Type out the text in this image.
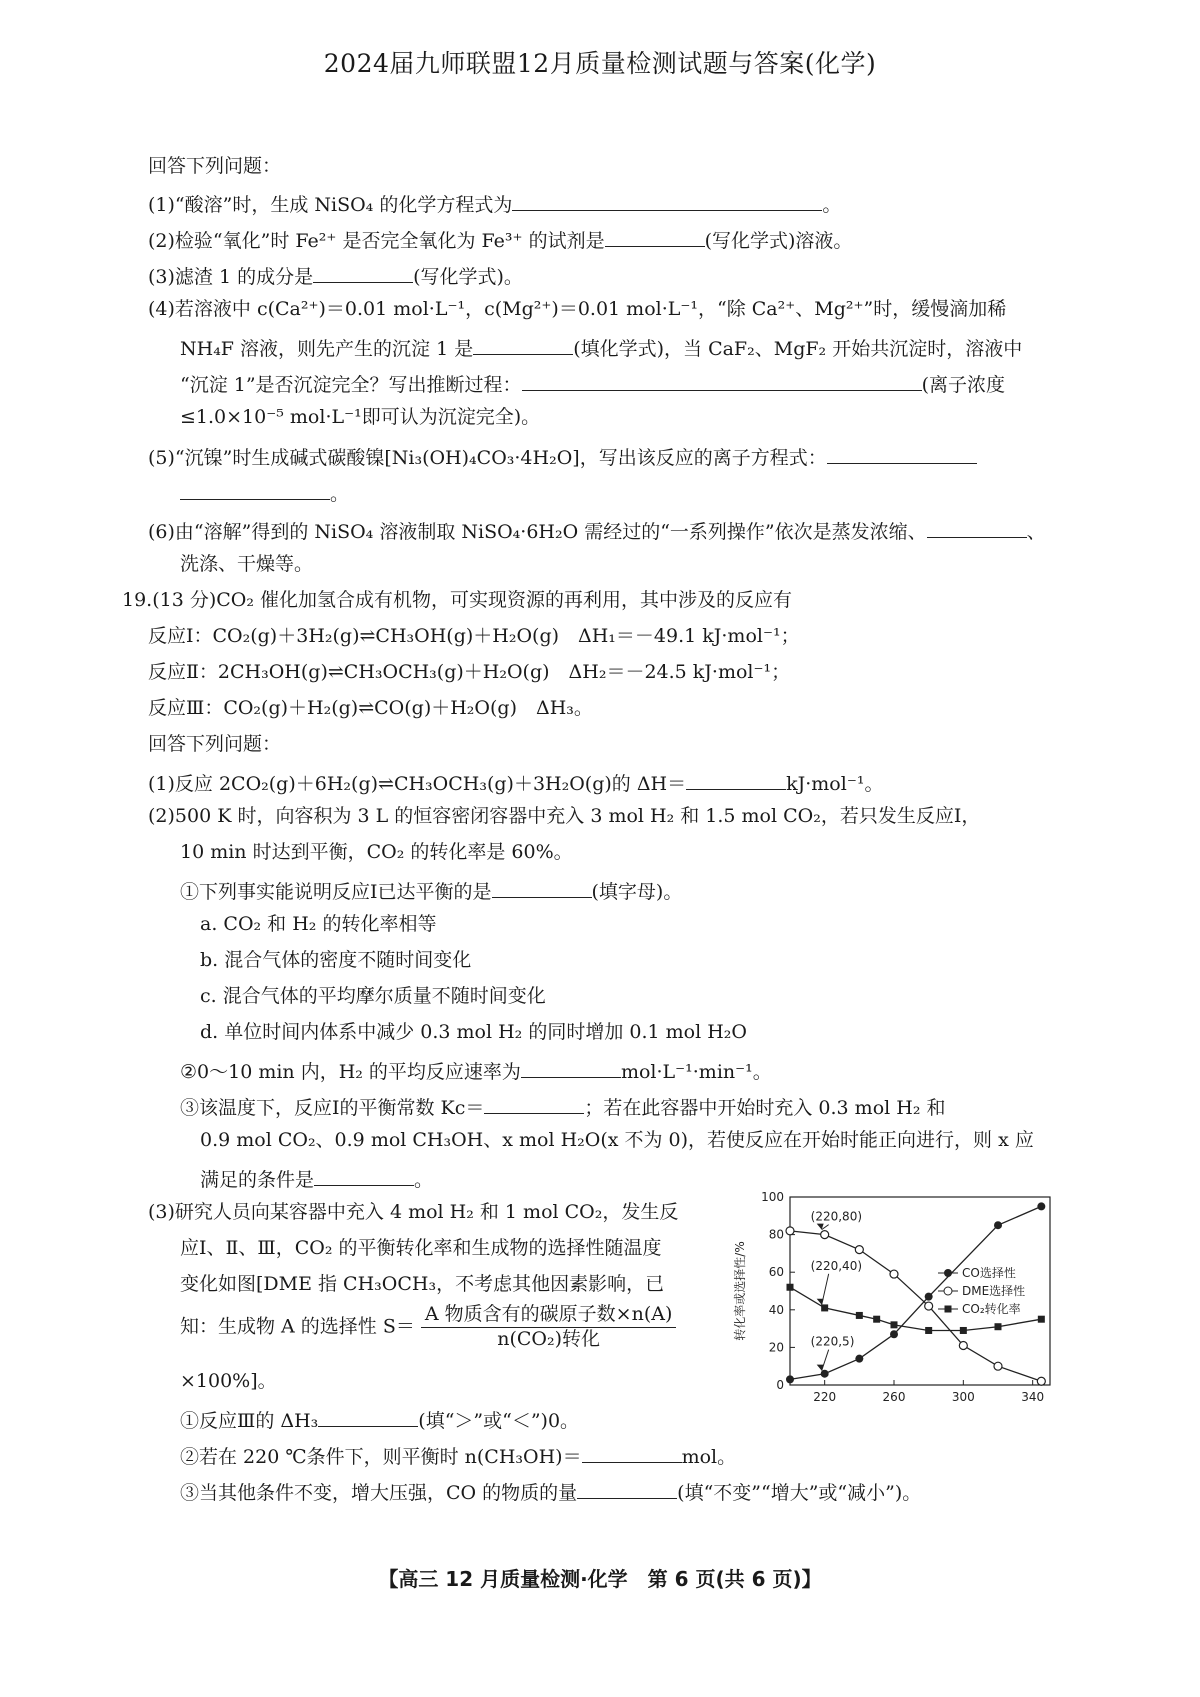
2024届九师联盟12月质量检测试题与答案(化学)
回答下列问题：
(1)“酸溶”时，生成 NiSO₄ 的化学方程式为	。
(2)检验“氧化”时 Fe²⁺ 是否完全氧化为 Fe³⁺ 的试剂是	(写化学式)溶液。
(3)滤渣 1 的成分是	(写化学式)。
(4)若溶液中 c(Ca²⁺)＝0.01 mol·L⁻¹，c(Mg²⁺)＝0.01 mol·L⁻¹，“除 Ca²⁺、Mg²⁺”时，缓慢滴加稀
NH₄F 溶液，则先产生的沉淀 1 是	(填化学式)，当 CaF₂、MgF₂ 开始共沉淀时，溶液中
“沉淀 1”是否沉淀完全？写出推断过程：	(离子浓度
≤1.0×10⁻⁵ mol·L⁻¹即可认为沉淀完全)。
(5)“沉镍”时生成碱式碳酸镍[Ni₃(OH)₄CO₃·4H₂O]，写出该反应的离子方程式：
。
(6)由“溶解”得到的 NiSO₄ 溶液制取 NiSO₄·6H₂O 需经过的“一系列操作”依次是蒸发浓缩、	、
洗涤、干燥等。
19.(13 分)CO₂ 催化加氢合成有机物，可实现资源的再利用，其中涉及的反应有
反应Ⅰ：CO₂(g)＋3H₂(g)⇌CH₃OH(g)＋H₂O(g)　ΔH₁＝－49.1 kJ·mol⁻¹；
反应Ⅱ：2CH₃OH(g)⇌CH₃OCH₃(g)＋H₂O(g)　ΔH₂＝－24.5 kJ·mol⁻¹；
反应Ⅲ：CO₂(g)＋H₂(g)⇌CO(g)＋H₂O(g)　ΔH₃。
回答下列问题：
(1)反应 2CO₂(g)＋6H₂(g)⇌CH₃OCH₃(g)＋3H₂O(g)的 ΔH＝	kJ·mol⁻¹。
(2)500 K 时，向容积为 3 L 的恒容密闭容器中充入 3 mol H₂ 和 1.5 mol CO₂，若只发生反应Ⅰ，
10 min 时达到平衡，CO₂ 的转化率是 60%。
①下列事实能说明反应Ⅰ已达平衡的是	(填字母)。
a. CO₂ 和 H₂ 的转化率相等
b. 混合气体的密度不随时间变化
c. 混合气体的平均摩尔质量不随时间变化
d. 单位时间内体系中减少 0.3 mol H₂ 的同时增加 0.1 mol H₂O
②0～10 min 内，H₂ 的平均反应速率为	mol·L⁻¹·min⁻¹。
③该温度下，反应Ⅰ的平衡常数 Kc＝	；若在此容器中开始时充入 0.3 mol H₂ 和
0.9 mol CO₂、0.9 mol CH₃OH、x mol H₂O(x 不为 0)，若使反应在开始时能正向进行，则 x 应
满足的条件是	。
(3)研究人员向某容器中充入 4 mol H₂ 和 1 mol CO₂，发生反
应Ⅰ、Ⅱ、Ⅲ，CO₂ 的平衡转化率和生成物的选择性随温度
变化如图[DME 指 CH₃OCH₃，不考虑其他因素影响，已
×100%]。
①反应Ⅲ的 ΔH₃	(填“＞”或“＜”)0。
②若在 220 ℃条件下，则平衡时 n(CH₃OH)＝	mol。
③当其他条件不变，增大压强，CO 的物质的量	(填“不变”“增大”或“减小”)。
知：生成物 A 的选择性 $S= \frac{\text{A 物质含有的碳原子数×n(A)}}{\text{n(CO₂)转化}}$
0
20
40
60
80
100
220	260	300	340
转化率或选择性/%	CO选择性
DME选择性
CO₂转化率
(220,80)
(220,40)
(220,5)
【高三 12 月质量检测·化学　第 6 页(共 6 页)】
